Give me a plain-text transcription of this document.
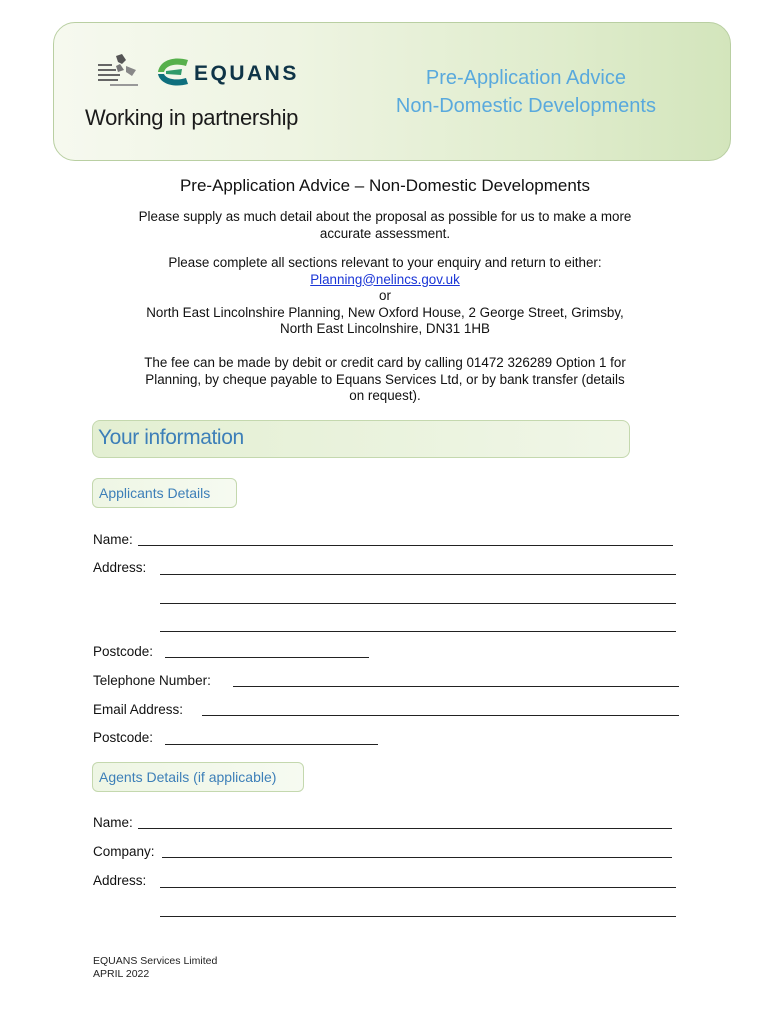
EQUANS
Working in partnership
Pre-Application Advice
Non-Domestic Developments
Pre-Application Advice – Non-Domestic Developments
Please supply as much detail about the proposal as possible for us to make a more
accurate assessment.
Please complete all sections relevant to your enquiry and return to either:
Planning@nelincs.gov.uk
or
North East Lincolnshire Planning, New Oxford House, 2 George Street, Grimsby,
North East Lincolnshire, DN31 1HB
The fee can be made by debit or credit card by calling 01472 326289 Option 1 for
Planning, by cheque payable to Equans Services Ltd, or by bank transfer (details
on request).
Your information
Applicants Details
Name:
Address:
Postcode:
Telephone Number:
Email Address:
Postcode:
Agents Details (if applicable)
Name:
Company:
Address:
EQUANS Services Limited
APRIL 2022
